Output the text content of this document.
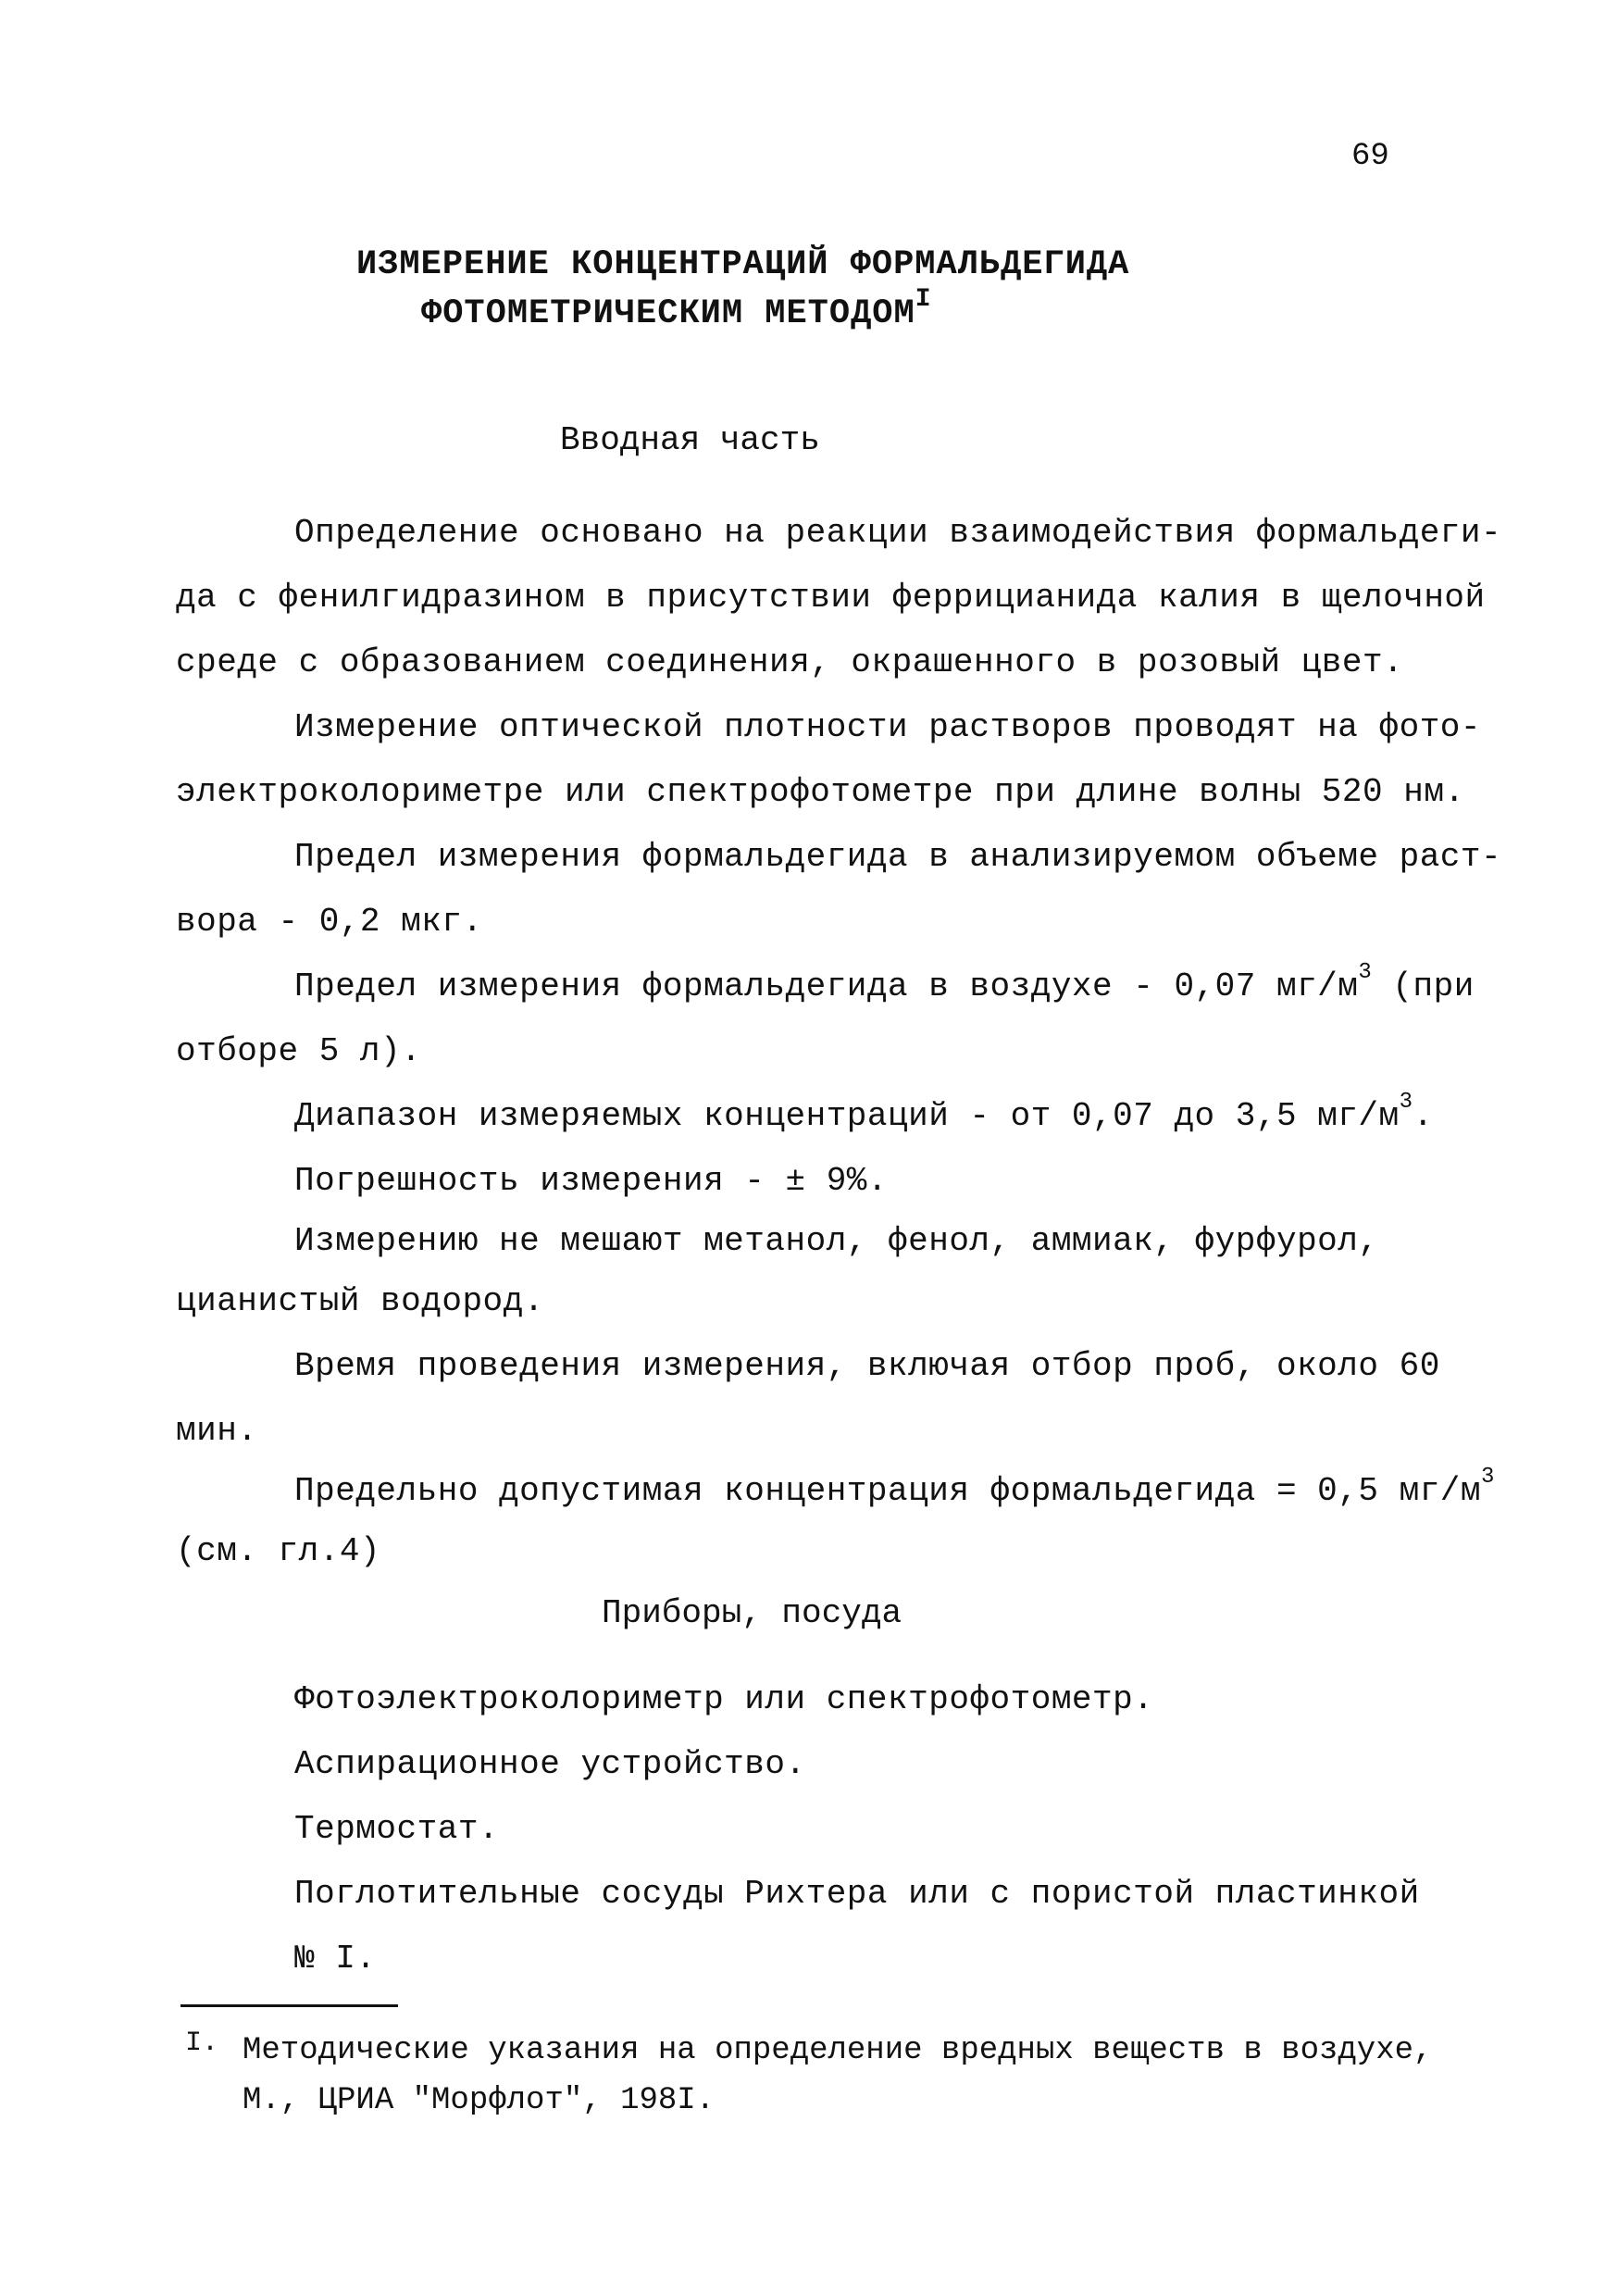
69
ИЗМЕРЕНИЕ КОНЦЕНТРАЦИЙ ФОРМАЛЬДЕГИДА
ФОТОМЕТРИЧЕСКИМ $МЕТОДОМ^I$
Вводная часть
Определение основано на реакции взаимодействия формальдеги-
да с фенилгидразином в присутствии феррицианида калия в щелочной
среде с образованием соединения, окрашенного в розовый цвет.
Измерение оптической плотности растворов проводят на фото-
электроколориметре или спектрофотометре при длине волны 520 нм.
Предел измерения формальдегида в анализируемом объеме раст-
вора - 0,2 мкг.
Предел измерения формальдегида в воздухе - 0,07 $мг/м^3$ (при
отборе 5 л).
Диапазон измеряемых концентраций - от 0,07 до 3,5 $мг/м^3$.
Погрешность измерения - ± 9%.
Измерению не мешают метанол, фенол, аммиак, фурфурол,
цианистый водород.
Время проведения измерения, включая отбор проб, около 60
мин.
Предельно допустимая концентрация формальдегида = 0,5 $мг/м^3$
(см. гл.4)
Приборы, посуда
Фотоэлектроколориметр или спектрофотометр.
Аспирационное устройство.
Термостат.
Поглотительные сосуды Рихтера или с пористой пластинкой
№ I.
I. Методические указания на определение вредных веществ в воздухе,
М., ЦРИА "Морфлот", 198I.
